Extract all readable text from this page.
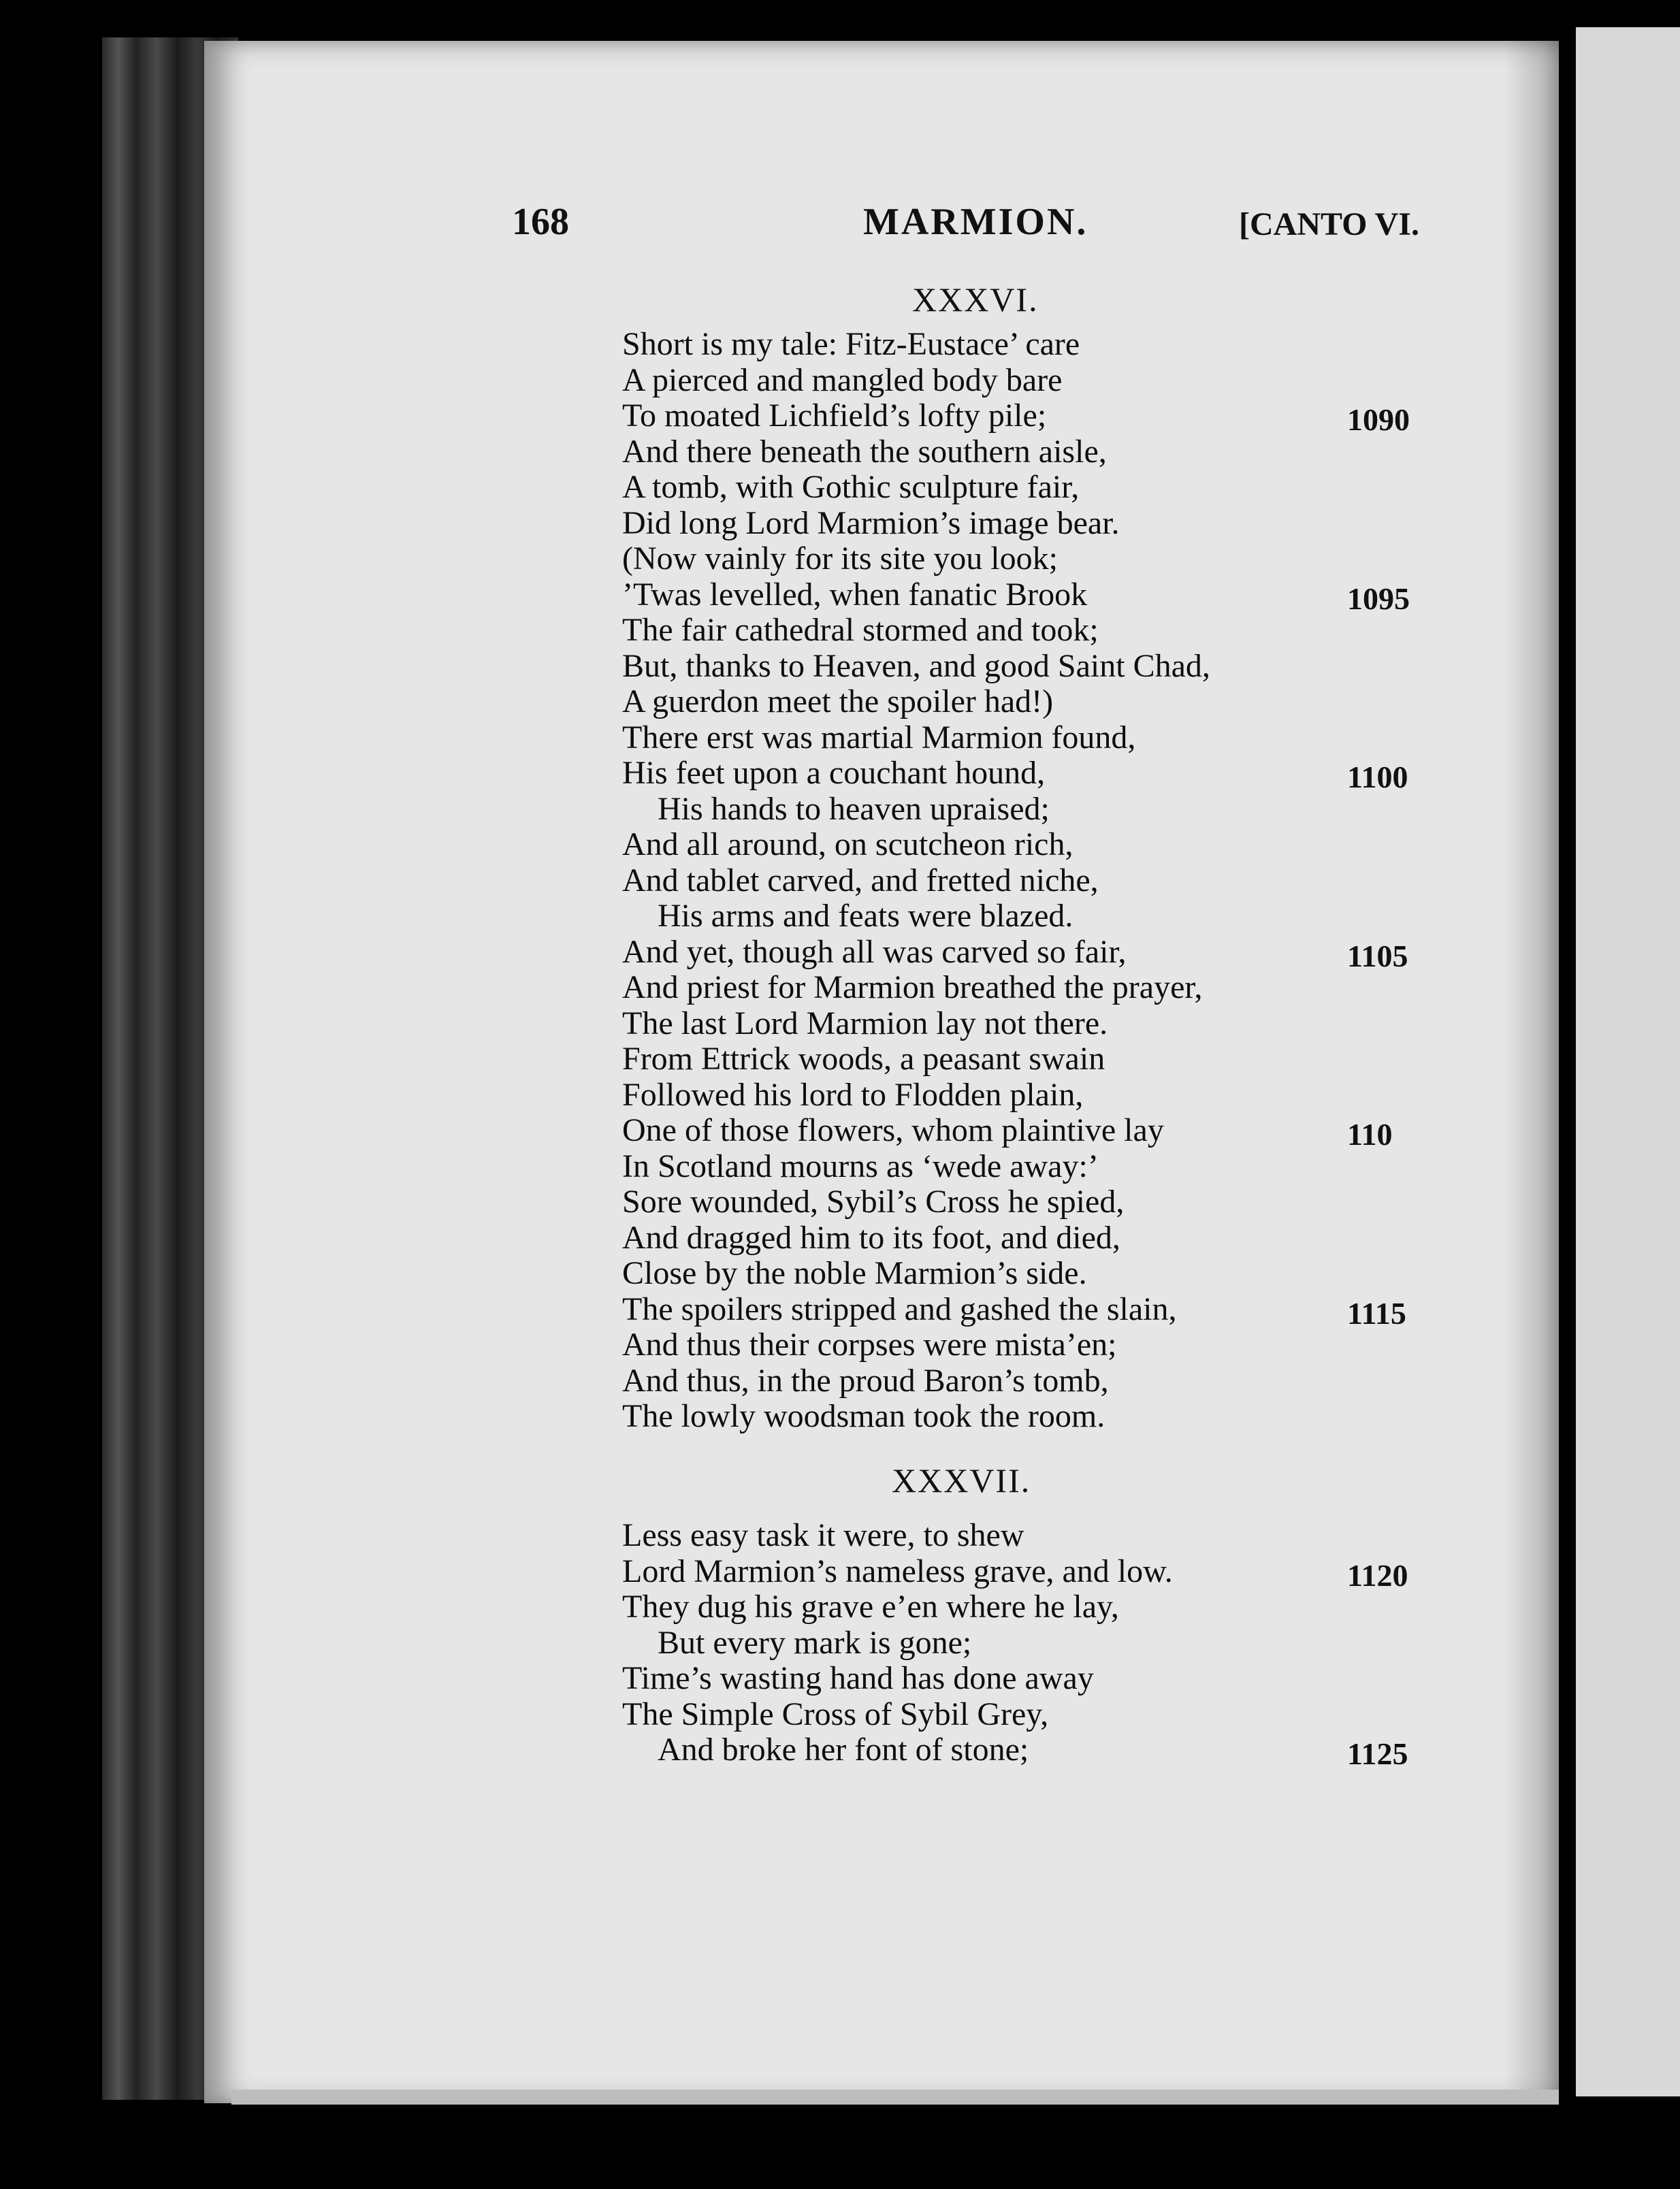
168	MARMION.	[CANTO VI.
XXXVI.
Short is my tale: Fitz-Eustace’ care
A pierced and mangled body bare
To moated Lichfield’s lofty pile;	1090
And there beneath the southern aisle,
A tomb, with Gothic sculpture fair,
Did long Lord Marmion’s image bear.
(Now vainly for its site you look;
’Twas levelled, when fanatic Brook	1095
The fair cathedral stormed and took;
But, thanks to Heaven, and good Saint Chad,
A guerdon meet the spoiler had!)
There erst was martial Marmion found,
His feet upon a couchant hound,	1100
His hands to heaven upraised;
And all around, on scutcheon rich,
And tablet carved, and fretted niche,
His arms and feats were blazed.
And yet, though all was carved so fair,	1105
And priest for Marmion breathed the prayer,
The last Lord Marmion lay not there.
From Ettrick woods, a peasant swain
Followed his lord to Flodden plain,
One of those flowers, whom plaintive lay	110
In Scotland mourns as ‘wede away:’
Sore wounded, Sybil’s Cross he spied,
And dragged him to its foot, and died,
Close by the noble Marmion’s side.
The spoilers stripped and gashed the slain,	1115
And thus their corpses were mista’en;
And thus, in the proud Baron’s tomb,
The lowly woodsman took the room.
XXXVII.
Less easy task it were, to shew
Lord Marmion’s nameless grave, and low.	1120
They dug his grave e’en where he lay,
But every mark is gone;
Time’s wasting hand has done away
The Simple Cross of Sybil Grey,
And broke her font of stone;	1125
